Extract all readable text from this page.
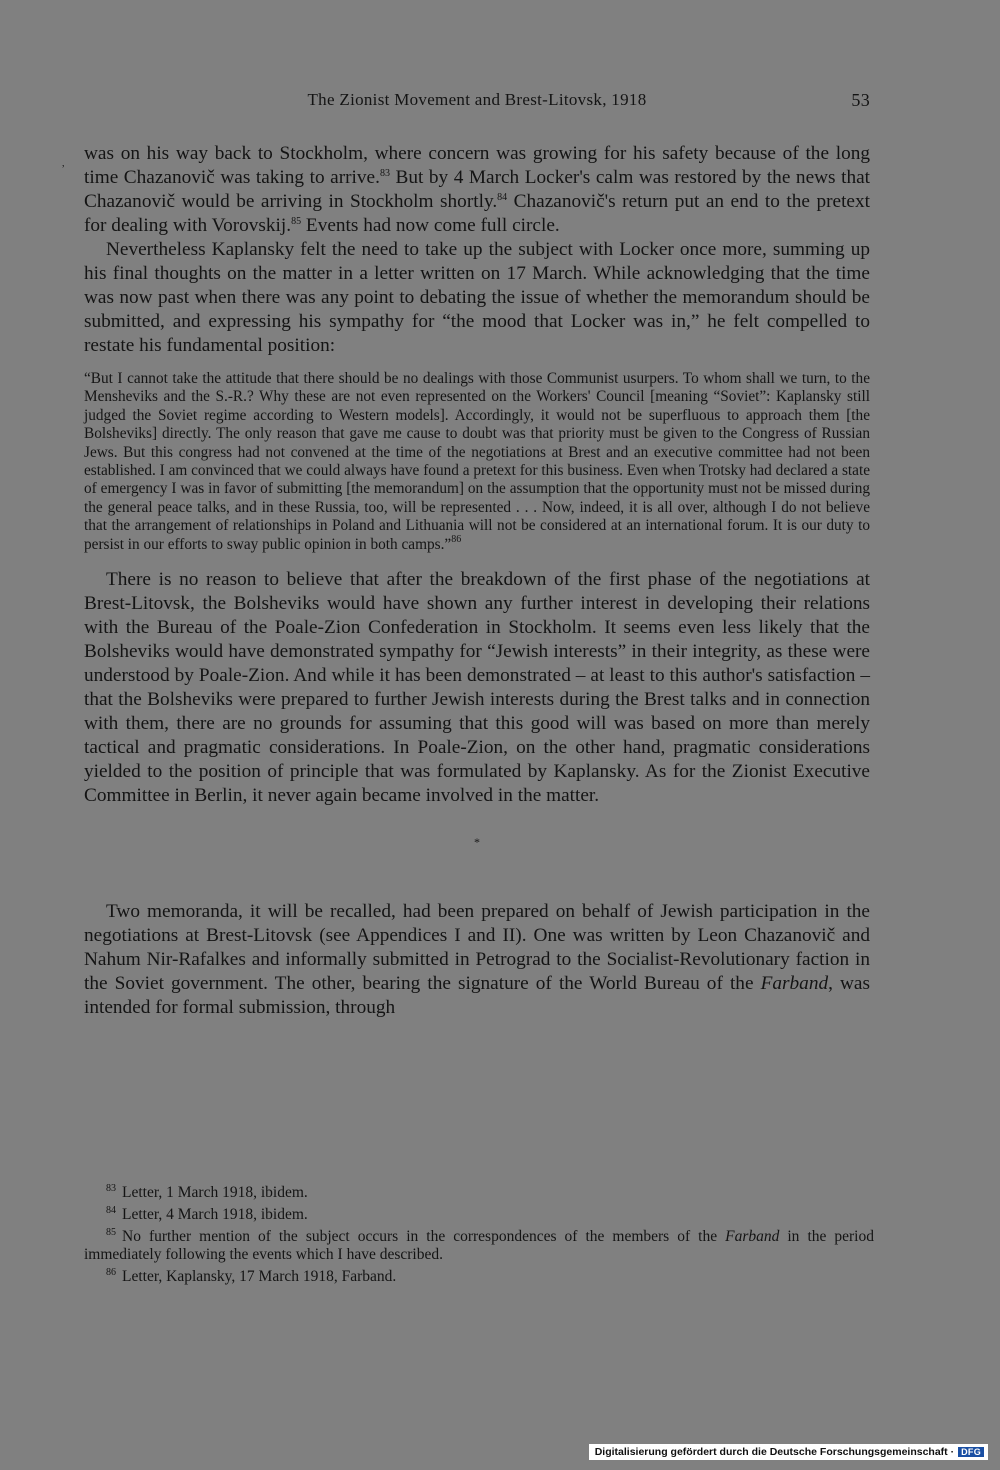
,
The Zionist Movement and Brest-Litovsk, 1918	53

was on his way back to Stockholm, where concern was growing for his safety because of the long time Chazanovič was taking to arrive.$^{83}$ But by 4 March Locker's calm was restored by the news that Chazanovič would be arriving in Stockholm shortly.$^{84}$ Chazanovič's return put an end to the pretext for dealing with Vorovskij.$^{85}$ Events had now come full circle.

Nevertheless Kaplansky felt the need to take up the subject with Locker once more, summing up his final thoughts on the matter in a letter written on 17 March. While acknowledging that the time was now past when there was any point to debating the issue of whether the memorandum should be submitted, and expressing his sympathy for “the mood that Locker was in,” he felt compelled to restate his fundamental position:

“But I cannot take the attitude that there should be no dealings with those Communist usurpers. To whom shall we turn, to the Mensheviks and the S.-R.? Why these are not even represented on the Workers' Council [meaning “Soviet”: Kaplansky still judged the Soviet regime according to Western models]. Accordingly, it would not be superfluous to approach them [the Bolsheviks] directly. The only reason that gave me cause to doubt was that priority must be given to the Congress of Russian Jews. But this congress had not convened at the time of the negotiations at Brest and an executive committee had not been established. I am convinced that we could always have found a pretext for this business. Even when Trotsky had declared a state of emergency I was in favor of submitting [the memorandum] on the assumption that the opportunity must not be missed during the general peace talks, and in these Russia, too, will be represented . . . Now, indeed, it is all over, although I do not believe that the arrangement of relationships in Poland and Lithuania will not be considered at an international forum. It is our duty to persist in our efforts to sway public opinion in both camps.”$^{86}$

There is no reason to believe that after the breakdown of the first phase of the negotiations at Brest-Litovsk, the Bolsheviks would have shown any further interest in developing their relations with the Bureau of the Poale-Zion Confederation in Stockholm. It seems even less likely that the Bolsheviks would have demonstrated sympathy for “Jewish interests” in their integrity, as these were understood by Poale-Zion. And while it has been demonstrated – at least to this author's satisfaction – that the Bolsheviks were prepared to further Jewish interests during the Brest talks and in connection with them, there are no grounds for assuming that this good will was based on more than merely tactical and pragmatic considerations. In Poale-Zion, on the other hand, pragmatic considerations yielded to the position of principle that was formulated by Kaplansky. As for the Zionist Executive Committee in Berlin, it never again became involved in the matter.

*

Two memoranda, it will be recalled, had been prepared on behalf of Jewish participation in the negotiations at Brest-Litovsk (see Appendices I and II). One was written by Leon Chazanovič and Nahum Nir-Rafalkes and informally submitted in Petrograd to the Socialist-Revolutionary faction in the Soviet government. The other, bearing the signature of the World Bureau of the Farband, was intended for formal submission, through

$^{83}$ Letter, 1 March 1918, ibidem.

$^{84}$ Letter, 4 March 1918, ibidem.

$^{85}$ No further mention of the subject occurs in the correspondences of the members of the Farband in the period immediately following the events which I have described.

$^{86}$ Letter, Kaplansky, 17 March 1918, Farband.

Digitalisierung gefördert durch die Deutsche Forschungsgemeinschaft · DFG
